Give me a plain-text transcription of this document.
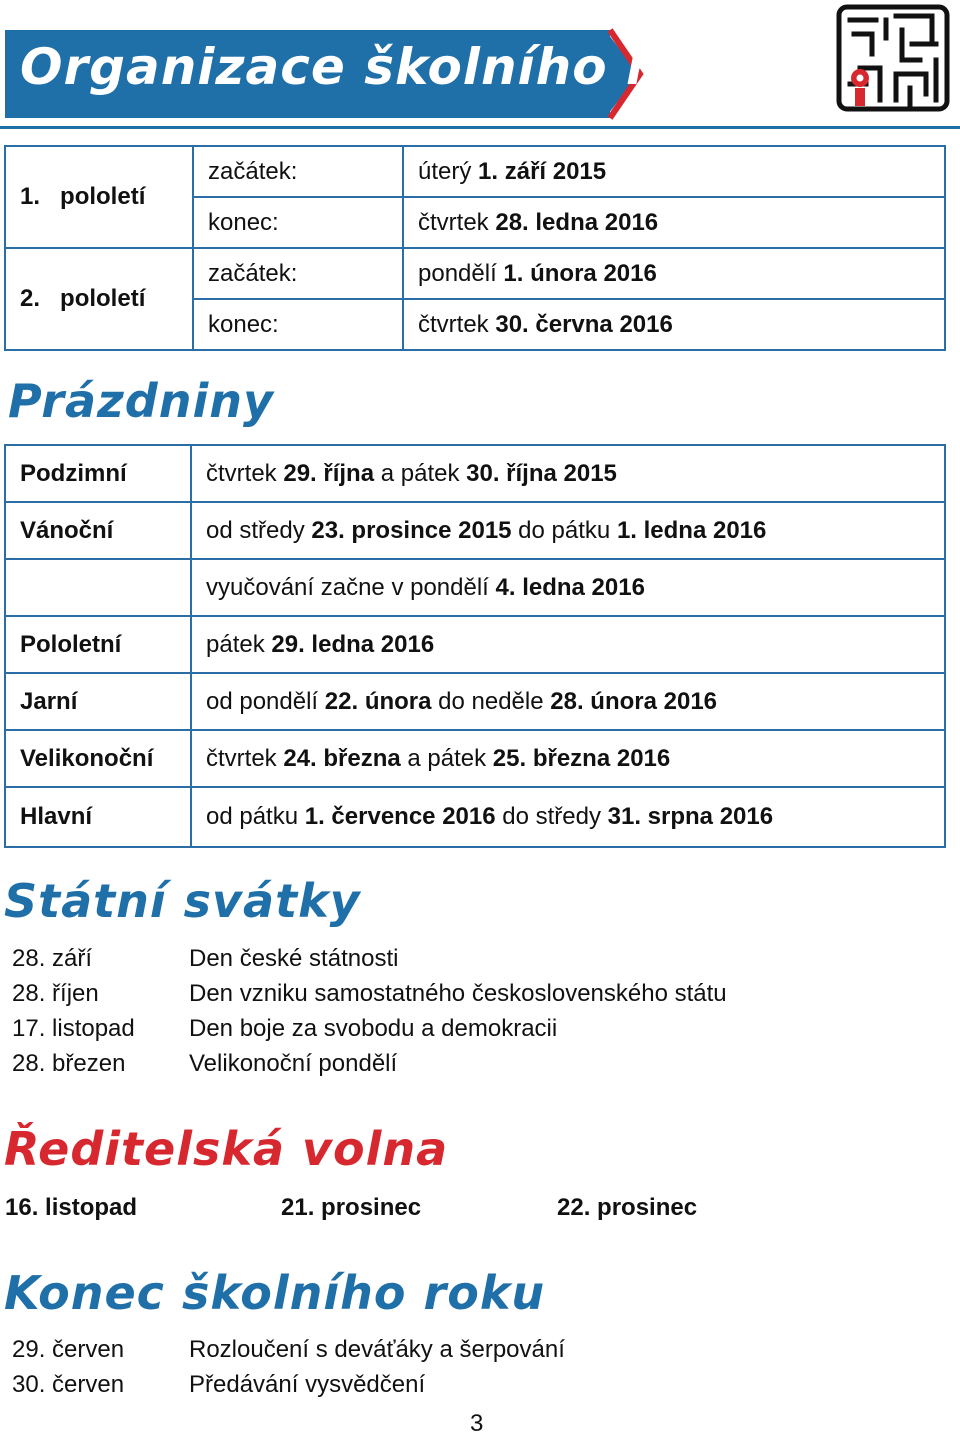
Organizace školního roku
1. pololetí	začátek:	úterý 1. září 2015
	konec:	čtvrtek 28. ledna 2016
2. pololetí	začátek:	pondělí 1. února 2016
	konec:	čtvrtek 30. června 2016
Prázdniny
Podzimní	čtvrtek 29. října a pátek 30. října 2015
Vánoční	od středy 23. prosince 2015 do pátku 1. ledna 2016
	vyučování začne v pondělí 4. ledna 2016
Pololetní	pátek 29. ledna 2016
Jarní	od pondělí 22. února do neděle 28. února 2016
Velikonoční	čtvrtek 24. března a pátek 25. března 2016
Hlavní	od pátku 1. července 2016 do středy 31. srpna 2016
Státní svátky
28. září	Den české státnosti
28. říjen	Den vzniku samostatného československého státu
17. listopad	Den boje za svobodu a demokracii
28. březen	Velikonoční pondělí
Ředitelská volna
16. listopad	21. prosinec	22. prosinec
Konec školního roku
29. červen	Rozloučení s deváťáky a šerpování
30. červen	Předávání vysvědčení
3
